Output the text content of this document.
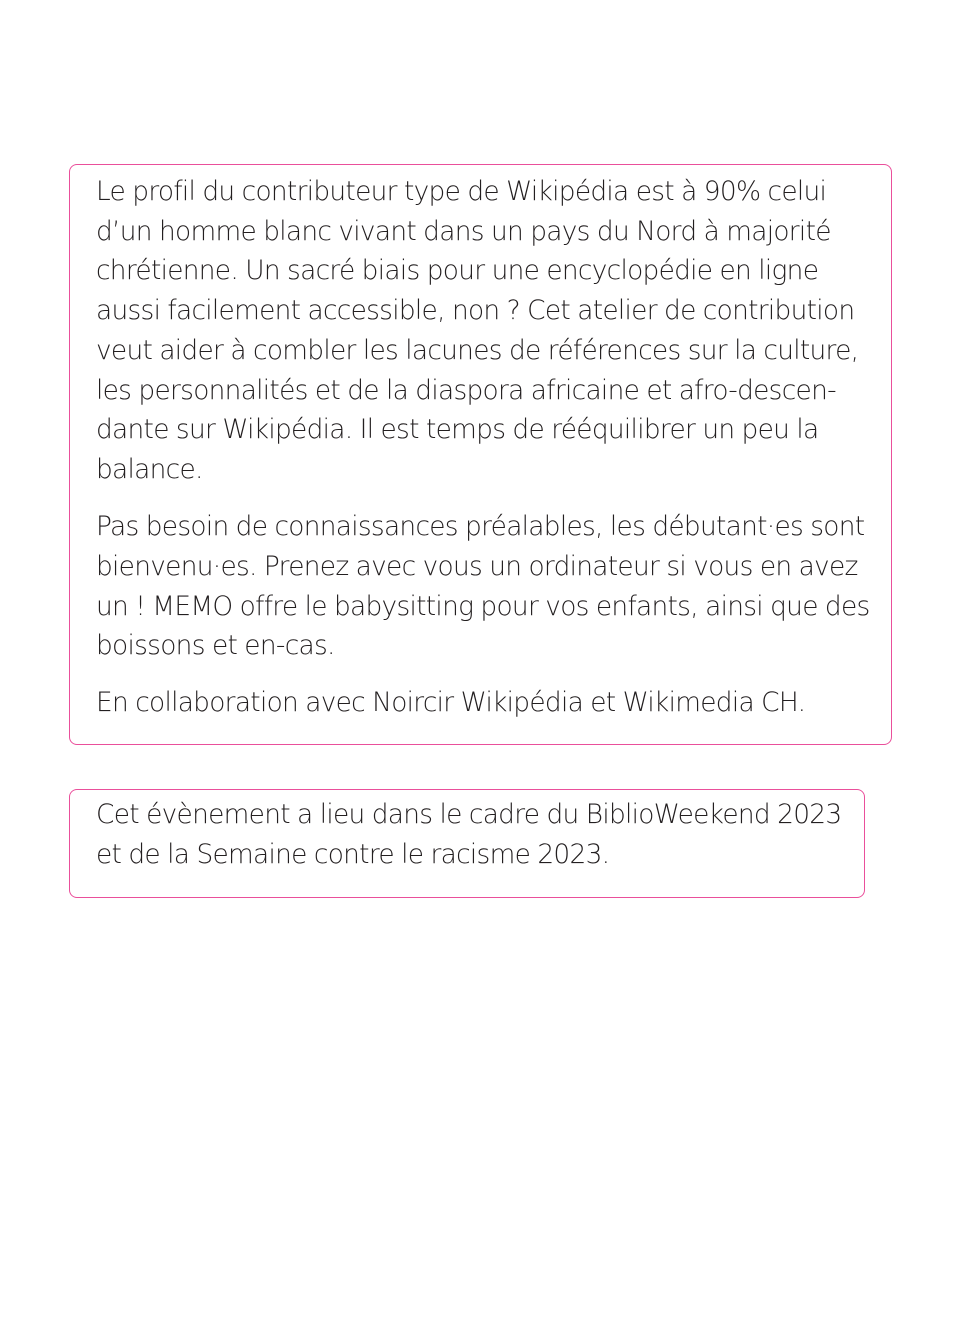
Le profil du contributeur type de Wikipédia est à 90% celui
d’un homme blanc vivant dans un pays du Nord à majorité
chrétienne. Un sacré biais pour une encyclopédie en ligne
aussi facilement accessible, non ? Cet atelier de contribution
veut aider à combler les lacunes de références sur la culture,
les personnalités et de la diaspora africaine et afro-descen-
dante sur Wikipédia. Il est temps de rééquilibrer un peu la
balance.

Pas besoin de connaissances préalables, les débutant·es sont
bienvenu·es. Prenez avec vous un ordinateur si vous en avez
un ! MEMO offre le babysitting pour vos enfants, ainsi que des
boissons et en-cas.

En collaboration avec Noircir Wikipédia et Wikimedia CH.

Cet évènement a lieu dans le cadre du BiblioWeekend 2023
et de la Semaine contre le racisme 2023.
